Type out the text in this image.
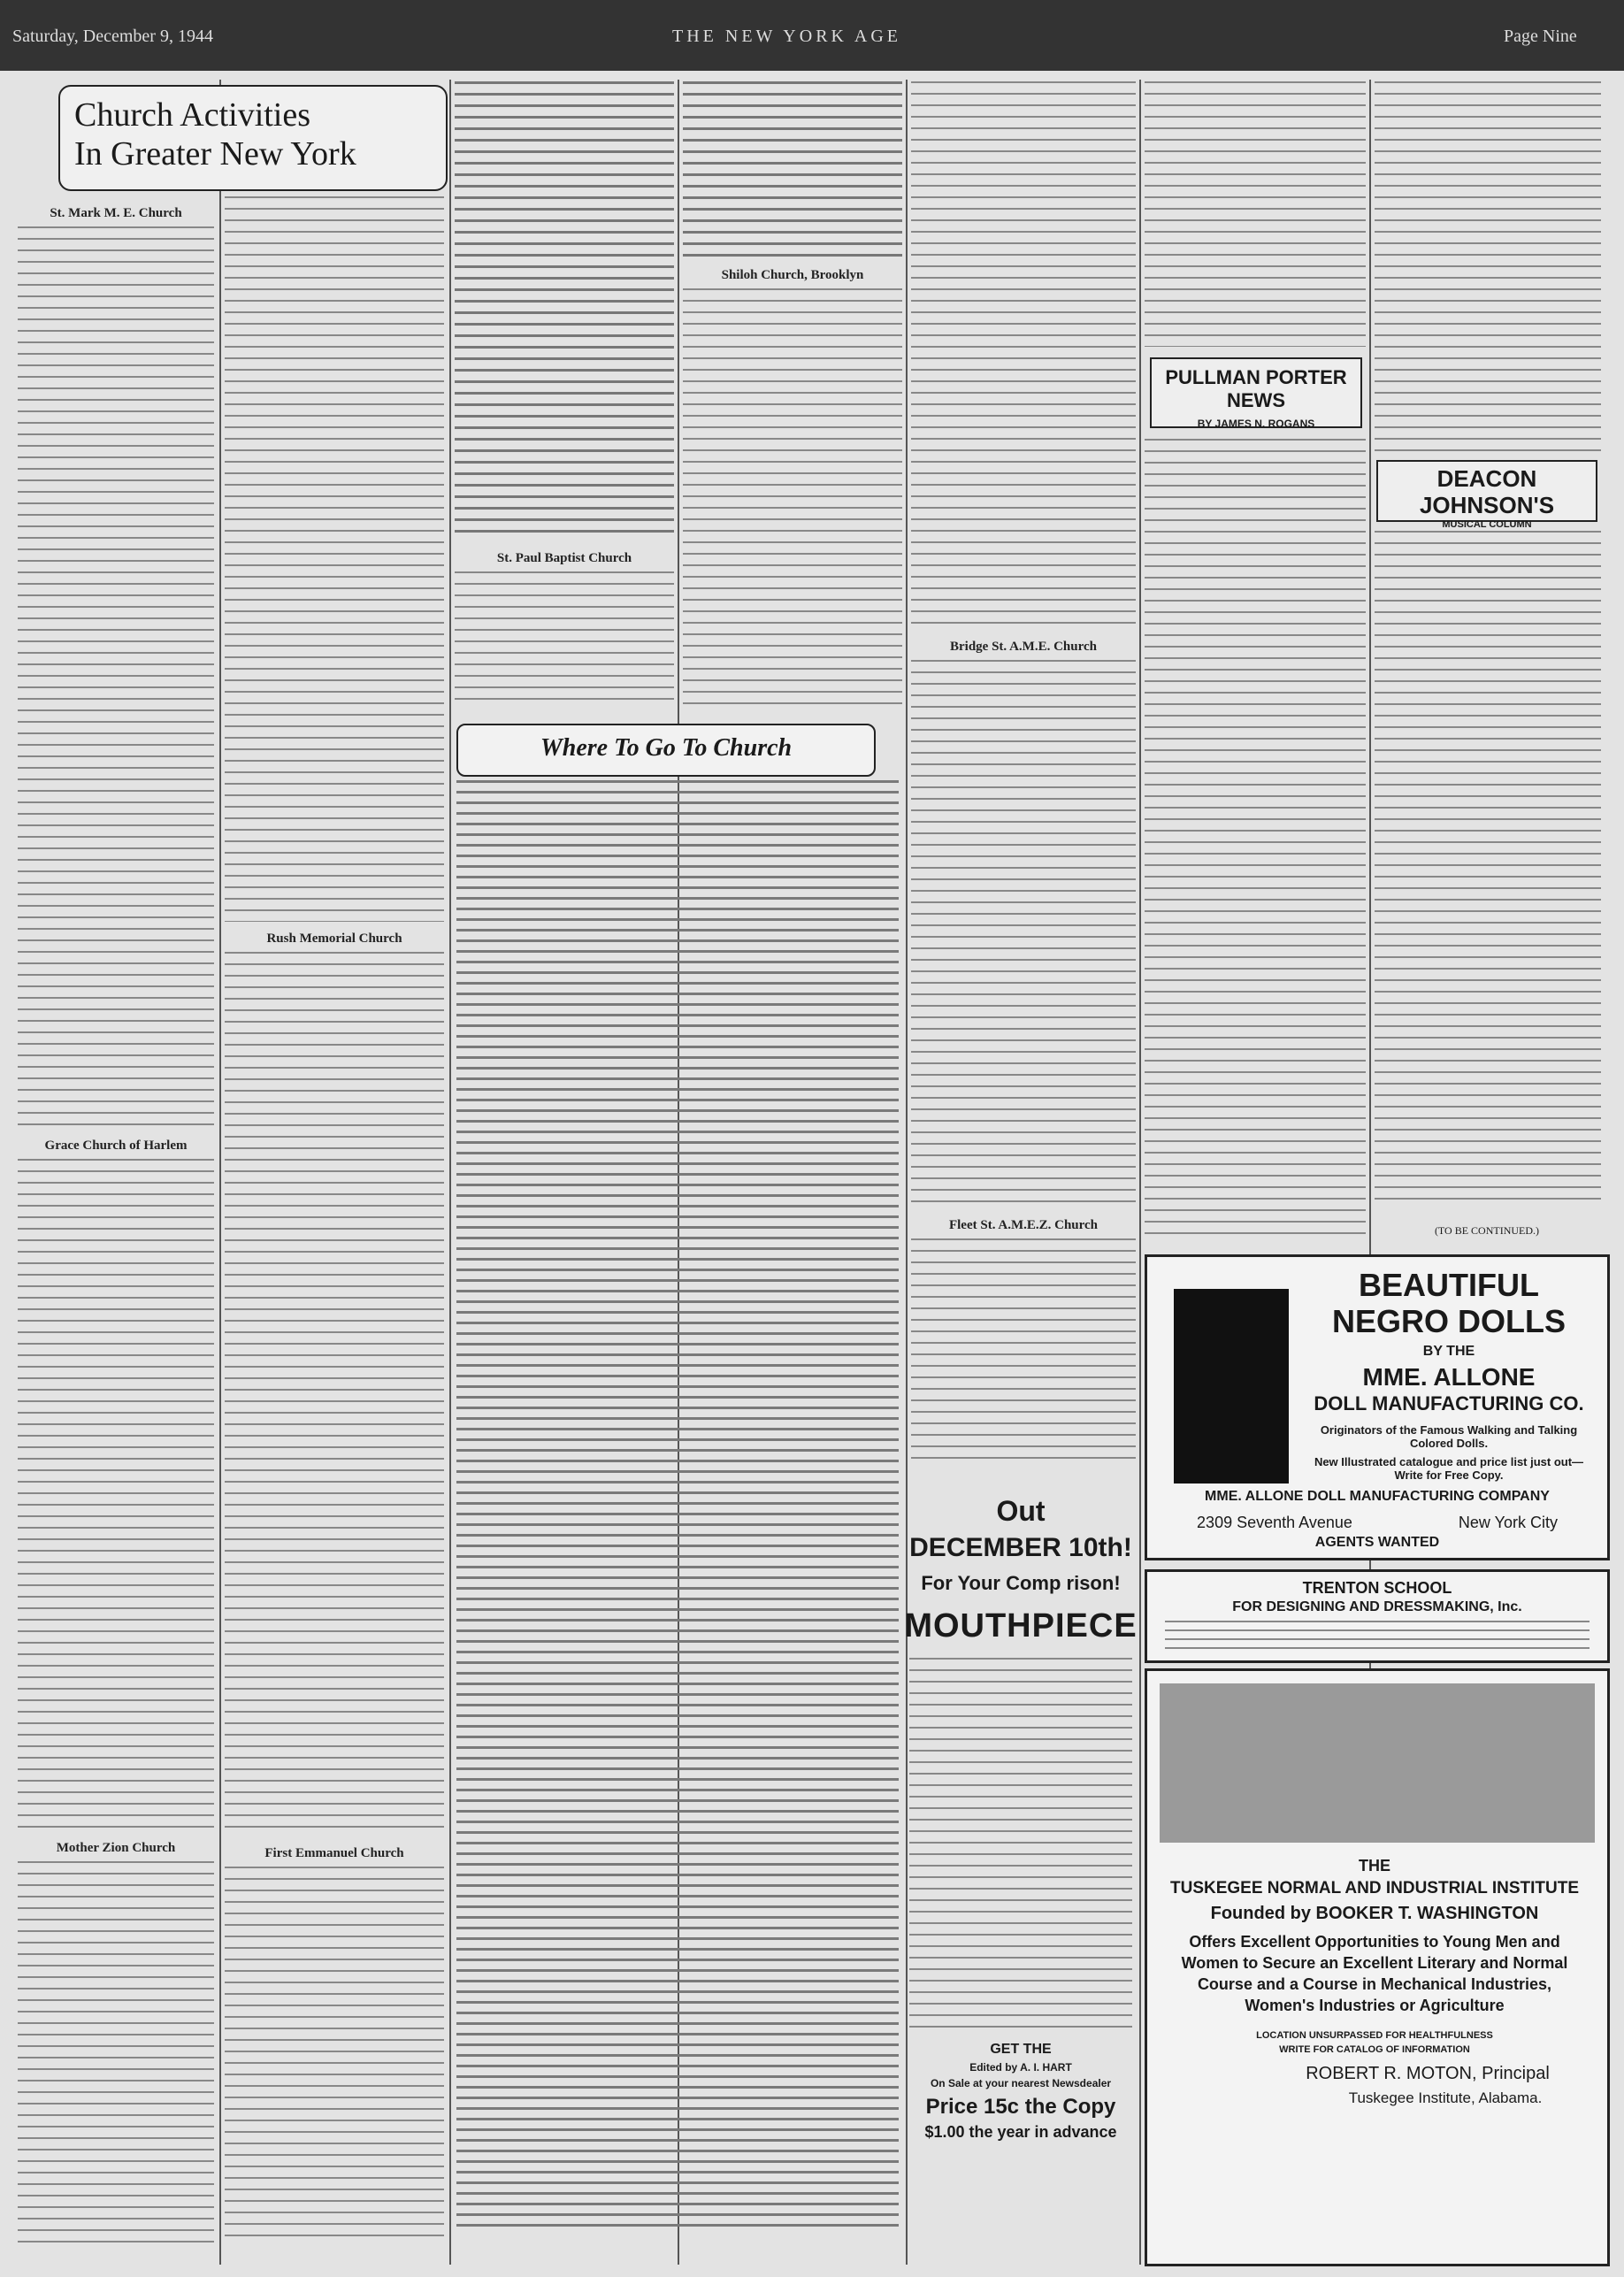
Saturday, December 9, 1944	THE NEW YORK AGE	Page Nine
Church Activities
In Greater New York
St. Mark M. E. Church
Grace Church of Harlem
Mother Zion Church
Rush Memorial Church
First Emmanuel Church
St. Paul Baptist Church
Shiloh Church, Brooklyn
Where To Go To Church
Bridge St. A.M.E. Church
Fleet St. A.M.E.Z. Church
Out
DECEMBER 10th!
For Your Comp rison!
MOUTHPIECE
GET THE
Edited by A. I. HART
On Sale at your nearest Newsdealer
Price 15c the Copy
$1.00 the year in advance
PULLMAN PORTER NEWS
BY JAMES N. ROGANS
DEACON JOHNSON'S
MUSICAL COLUMN
(TO BE CONTINUED.)
BEAUTIFUL
NEGRO DOLLS
BY THE
MME. ALLONE
DOLL MANUFACTURING CO.
Originators of the Famous Walking and Talking Colored Dolls.
New Illustrated catalogue and price list just out—Write for Free Copy.
MME. ALLONE DOLL MANUFACTURING COMPANY
2309 Seventh Avenue	New York City
AGENTS WANTED
TRENTON SCHOOL
FOR DESIGNING AND DRESSMAKING, Inc.
THE
TUSKEGEE NORMAL AND INDUSTRIAL INSTITUTE
Founded by BOOKER T. WASHINGTON
Offers Excellent Opportunities to Young Men and Women to Secure an Excellent Literary and Normal Course and a Course in Mechanical Industries, Women's Industries or Agriculture
LOCATION UNSURPASSED FOR HEALTHFULNESS
WRITE FOR CATALOG OF INFORMATION
ROBERT R. MOTON, Principal
Tuskegee Institute, Alabama.
